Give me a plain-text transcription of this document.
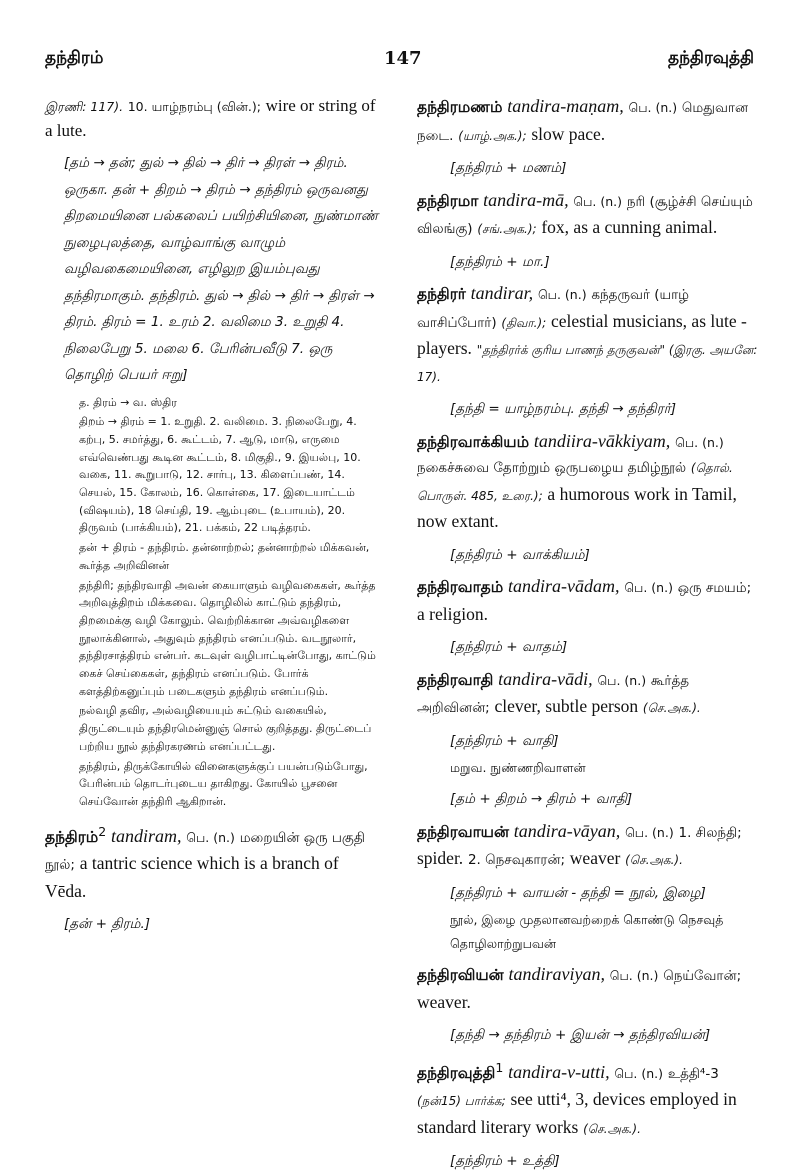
தந்திரம்	147	தந்திரவுத்தி
இரணி: 117). 10. யாழ்நரம்பு (வின்.); wire or string of a lute.
[தம் → தன்; துல் → தில் → திர் → திரள் → திரம். ஒருகா. தன் + திறம் → திரம் → தந்திரம் ஒருவனது திறமையினை பல்கலைப் பயிற்சியினை, நுண்மாண் நுழைபுலத்தை, வாழ்வாங்கு வாழும் வழிவகைமையினை, எழிலுற இயம்புவது தந்திரமாகும். தந்திரம். துல் → தில் → திர் → திரள் → திரம். திரம் = 1. உரம் 2. வலிமை 3. உறுதி 4. நிலைபேறு 5. மலை 6. பேரின்பவீடு 7. ஒரு தொழிற் பெயர் ஈறு]
த. திரம் → வ. ஸ்திர
திறம் → திரம் = 1. உறுதி. 2. வலிமை. 3. நிலைபேறு, 4. கற்பு, 5. சமர்த்து, 6. கூட்டம், 7. ஆடு, மாடு, எருமை எவ்வெண்பது கூடின கூட்டம், 8. மிகுதி., 9. இயல்பு, 10. வகை, 11. கூறுபாடு, 12. சார்பு, 13. கிளைப்பண், 14. செயல், 15. கோலம், 16. கொள்கை, 17. இடையாட்டம் (விஷயம்), 18 செய்தி, 19. ஆம்புடை (உபாயம்), 20. திருவம் (பாக்கியம்), 21. பக்கம், 22 படித்தரம்.
தன் + திரம் - தந்திரம். தன்னாற்றல்; தன்னாற்றல் மிக்கவன், கூர்த்த அறிவினன்
தந்திரி; தந்திரவாதி அவன் கையாளும் வழிவகைகள், கூர்த்த அறிவுத்திறம் மிக்கவை. தொழிலில் காட்டும் தந்திரம், திறமைக்கு வழி கோலும். வெற்றிக்கான அவ்வழிகளை நூலாக்கினால், அதுவும் தந்திரம் எனப்படும். வடநூலார், தந்திரசாத்திரம் என்பர். கடவுள் வழிபாட்டின்போது, காட்டும் கைச் செய்கைகள், தந்திரம் எனப்படும். போர்க் களத்திற்கனுப்பும் படைகளும் தந்திரம் எனப்படும்.
நல்வழி தவிர, அல்வழியையும் சுட்டும் வகையில், திருட்டையும் தந்திரமென்னுஞ் சொல் குறித்தது. திருட்டைப் பற்றிய நூல் தந்திரகரணம் எனப்பட்டது.
தந்திரம், திருக்கோயில் வினைகளுக்குப் பயன்படும்போது, பேரின்பம் தொடர்புடைய தாகிறது. கோயில் பூசனை செய்வோன் தந்திரி ஆகிறான்.
தந்திரம்$^2$ tandiram, பெ. (n.) மறையின் ஒரு பகுதி நூல்; a tantric science which is a branch of Vēda.
[தன் + திரம்.]
தந்திரமணம் tandira-maṇam, பெ. (n.) மெதுவான நடை. (யாழ்.அக.); slow pace.
[தந்திரம் + மணம்]
தந்திரமா tandira-mā, பெ. (n.) நரி (சூழ்ச்சி செய்யும் விலங்கு) (சங்.அக.); fox, as a cunning animal.
[தந்திரம் + மா.]
தந்திரர் tandirar, பெ. (n.) கந்தருவர் (யாழ் வாசிப்போர்) (திவா.); celestial musicians, as lute - players. "தந்திரர்க் குரிய பாணந் தருகுவன்" (இரகு. அயனே: 17).
[தந்தி = யாழ்நரம்பு. தந்தி → தந்திரர்]
தந்திரவாக்கியம் tandiira-vākkiyam, பெ. (n.) நகைச்சுவை தோற்றும் ஒருபழைய தமிழ்நூல் (தொல். பொருள். 485, உரை.); a humorous work in Tamil, now extant.
[தந்திரம் + வாக்கியம்]
தந்திரவாதம் tandira-vādam, பெ. (n.) ஒரு சமயம்; a religion.
[தந்திரம் + வாதம்]
தந்திரவாதி tandira-vādi, பெ. (n.) கூர்த்த அறிவினன்; clever, subtle person (செ.அக.).
[தந்திரம் + வாதி]
மறுவ. நுண்ணறிவாளன்
[தம் + திறம் → திரம் + வாதி]
தந்திரவாயன் tandira-vāyan, பெ. (n.) 1. சிலந்தி; spider. 2. நெசவுகாரன்; weaver (செ.அக.).
[தந்திரம் + வாயன் - தந்தி = நூல், இழை]
நூல், இழை முதலானவற்றைக் கொண்டு நெசவுத் தொழிலாற்றுபவன்
தந்திரவியன் tandiraviyan, பெ. (n.) நெய்வோன்; weaver.
[தந்தி → தந்திரம் + இயன் → தந்திரவியன்]
தந்திரவுத்தி$^1$ tandira-v-utti, பெ. (n.) உத்தி⁴-3 (நன்15) பார்க்க; see utti⁴, 3, devices employed in standard literary works (செ.அக.).
[தந்திரம் + உத்தி]
